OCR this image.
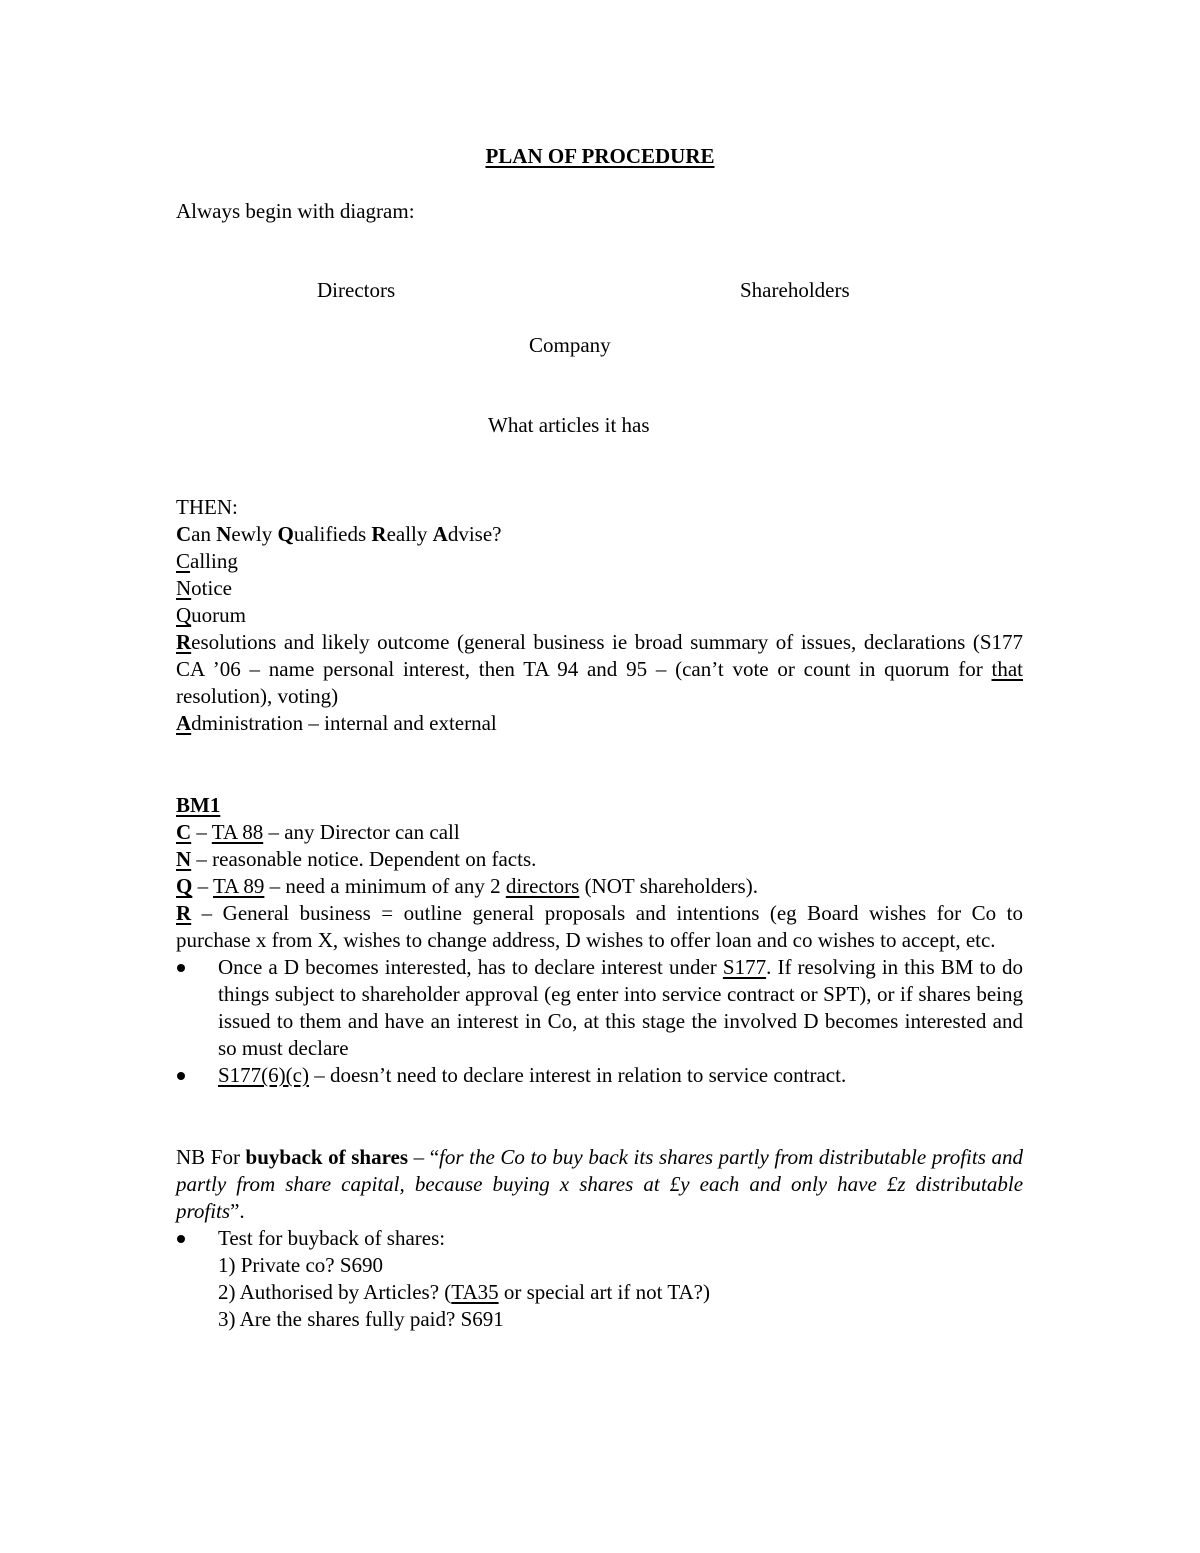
PLAN OF PROCEDURE
Always begin with diagram:
Directors	Shareholders
Company
What articles it has
THEN:
Can Newly Qualifieds Really Advise?
Calling
Notice
Quorum
Resolutions and likely outcome (general business ie broad summary of issues, declarations (S177 CA ’06 – name personal interest, then TA 94 and 95 – (can’t vote or count in quorum for that resolution), voting)
Administration – internal and external
BM1
C – TA 88 – any Director can call
N – reasonable notice. Dependent on facts.
Q – TA 89 – need a minimum of any 2 directors (NOT shareholders).
R – General business = outline general proposals and intentions (eg Board wishes for Co to purchase x from X, wishes to change address, D wishes to offer loan and co wishes to accept, etc.
Once a D becomes interested, has to declare interest under S177. If resolving in this BM to do things subject to shareholder approval (eg enter into service contract or SPT), or if shares being issued to them and have an interest in Co, at this stage the involved D becomes interested and so must declare
S177(6)(c) – doesn’t need to declare interest in relation to service contract.
NB For buyback of shares – “for the Co to buy back its shares partly from distributable profits and partly from share capital, because buying x shares at £y each and only have £z distributable profits”.
Test for buyback of shares:
1) Private co? S690
2) Authorised by Articles? (TA35 or special art if not TA?)
3) Are the shares fully paid? S691
